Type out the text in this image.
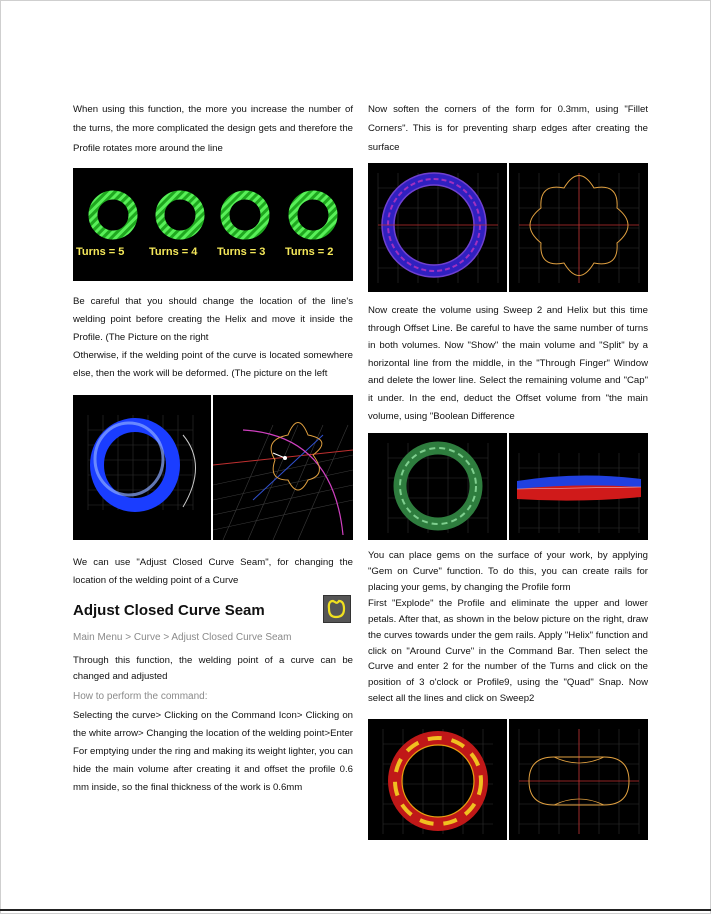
When using this function, the more you increase the number of the turns, the more complicated the design gets and therefore the Profile rotates more around the line

Turns = 5 Turns = 4 Turns = 3 Turns = 2

Be careful that you should change the location of the line's welding point before creating the Helix and move it inside the Profile. (The Picture on the right

Otherwise, if the welding point of the curve is located somewhere else, then the work will be deformed. (The picture on the left

We can use "Adjust Closed Curve Seam", for changing the location of the welding point of a Curve

Adjust Closed Curve Seam

Main Menu > Curve > Adjust Closed Curve Seam

Through this function, the welding point of a curve can be changed and adjusted

How to perform the command:

Selecting the curve> Clicking on the Command Icon> Clicking on the white arrow> Changing the location of the welding point>Enter

For emptying under the ring and making its weight lighter, you can hide the main volume after creating it and offset the profile 0.6 mm inside, so the final thickness of the work is 0.6mm

Now soften the corners of the form for 0.3mm, using "Fillet Corners". This is for preventing sharp edges after creating the surface

Now create the volume using Sweep 2 and Helix but this time through Offset Line. Be careful to have the same number of turns in both volumes. Now "Show" the main volume and "Split" by a horizontal line from the middle, in the "Through Finger" Window and delete the lower line. Select the remaining volume and "Cap" it under. In the end, deduct the Offset volume from "the main volume, using "Boolean Difference

You can place gems on the surface of your work, by applying "Gem on Curve" function. To do this, you can create rails for placing your gems, by changing the Profile form

First "Explode" the Profile and eliminate the upper and lower petals. After that, as shown in the below picture on the right, draw the curves towards under the gem rails. Apply "Helix" function and click on "Around Curve" in the Command Bar. Then select the Curve and enter 2 for the number of the Turns and click on the position of 3 o'clock or Profile9, using the "Quad" Snap. Now select all the lines and click on Sweep2
